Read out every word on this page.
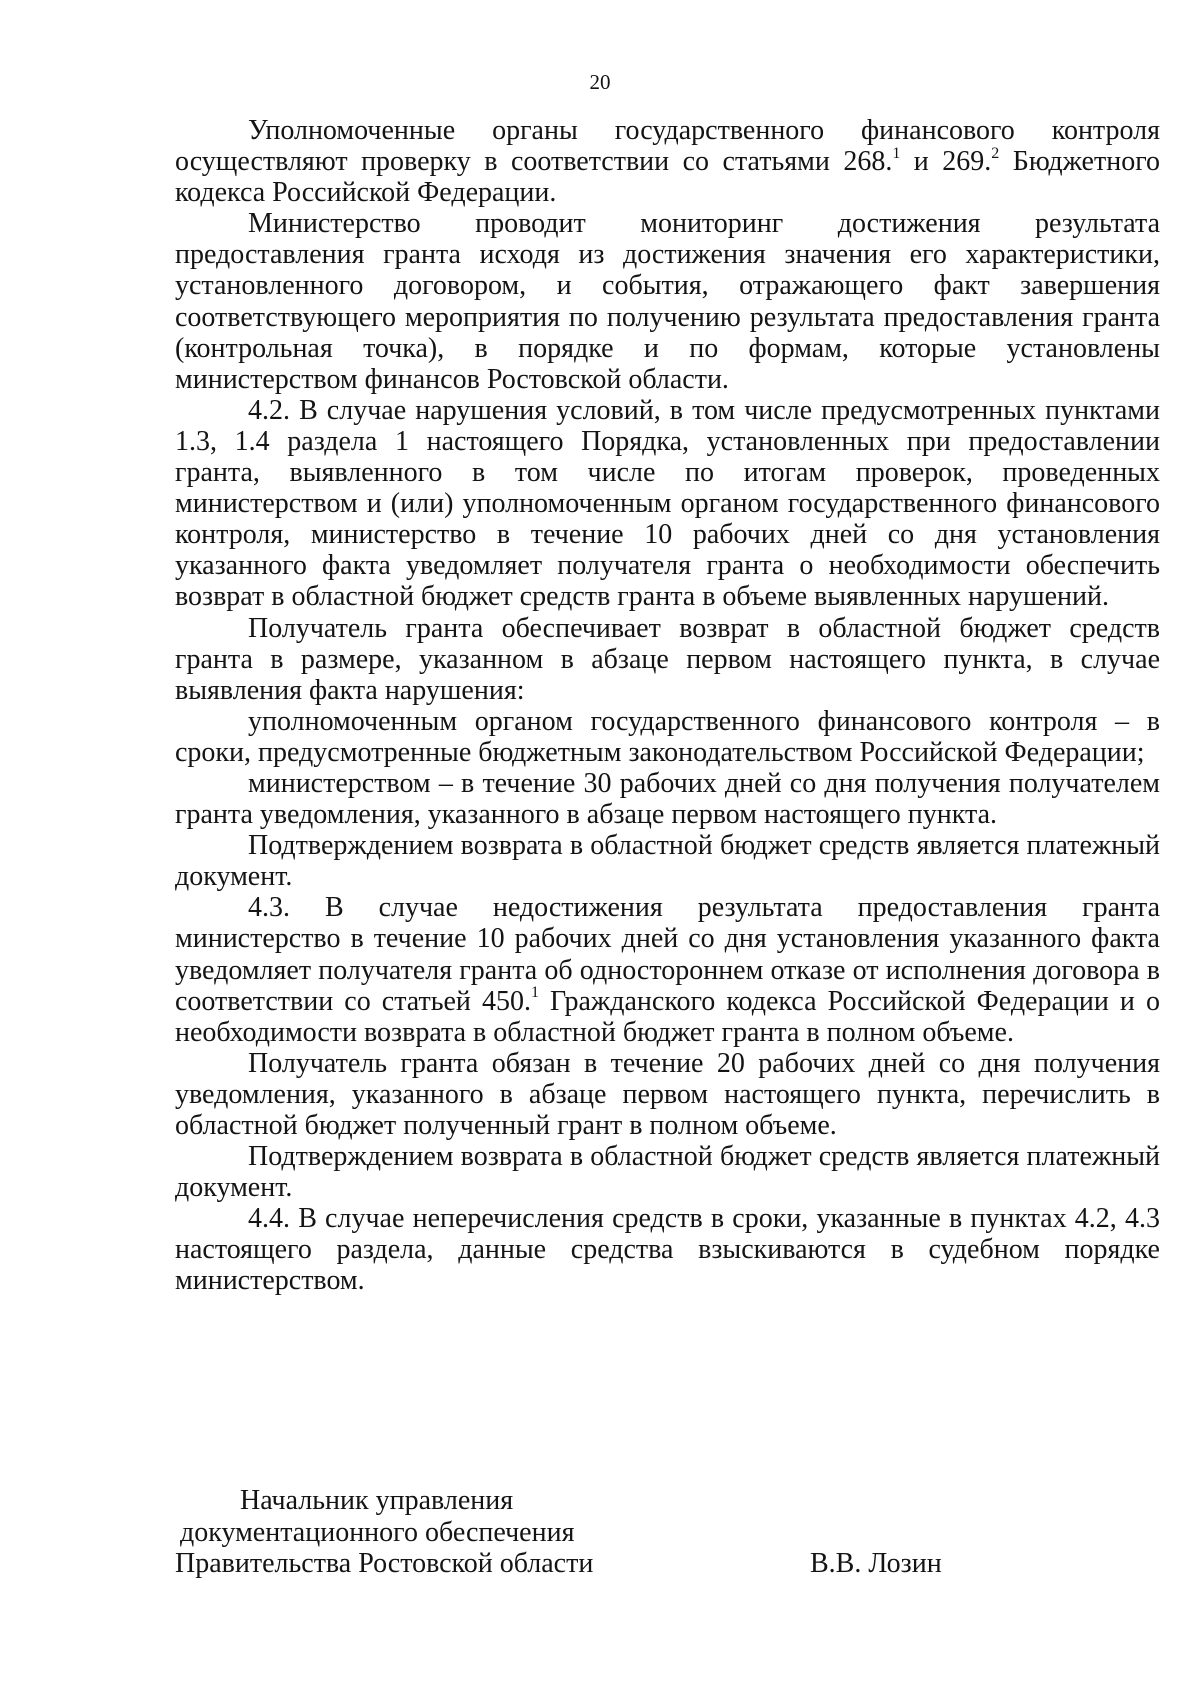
20

Уполномоченные органы государственного финансового контроля осуществляют проверку в соответствии со статьями 268.$^1$ и 269.$^2$ Бюджетного кодекса Российской Федерации.

Министерство проводит мониторинг достижения результата предоставления гранта исходя из достижения значения его характеристики, установленного договором, и события, отражающего факт завершения соответствующего мероприятия по получению результата предоставления гранта (контрольная точка), в порядке и по формам, которые установлены министерством финансов Ростовской области.

4.2. В случае нарушения условий, в том числе предусмотренных пунктами 1.3, 1.4 раздела 1 настоящего Порядка, установленных при предоставлении гранта, выявленного в том числе по итогам проверок, проведенных министерством и (или) уполномоченным органом государственного финансового контроля, министерство в течение 10 рабочих дней со дня установления указанного факта уведомляет получателя гранта о необходимости обеспечить возврат в областной бюджет средств гранта в объеме выявленных нарушений.

Получатель гранта обеспечивает возврат в областной бюджет средств гранта в размере, указанном в абзаце первом настоящего пункта, в случае выявления факта нарушения:

уполномоченным органом государственного финансового контроля – в сроки, предусмотренные бюджетным законодательством Российской Федерации;

министерством – в течение 30 рабочих дней со дня получения получателем гранта уведомления, указанного в абзаце первом настоящего пункта.

Подтверждением возврата в областной бюджет средств является платежный документ.

4.3. В случае недостижения результата предоставления гранта министерство в течение 10 рабочих дней со дня установления указанного факта уведомляет получателя гранта об одностороннем отказе от исполнения договора в соответствии со статьей 450.$^1$ Гражданского кодекса Российской Федерации и о необходимости возврата в областной бюджет гранта в полном объеме.

Получатель гранта обязан в течение 20 рабочих дней со дня получения уведомления, указанного в абзаце первом настоящего пункта, перечислить в областной бюджет полученный грант в полном объеме.

Подтверждением возврата в областной бюджет средств является платежный документ.

4.4. В случае неперечисления средств в сроки, указанные в пунктах 4.2, 4.3 настоящего раздела, данные средства взыскиваются в судебном порядке министерством.

Начальник управления
документационного обеспечения
Правительства Ростовской области	В.В. Лозин
